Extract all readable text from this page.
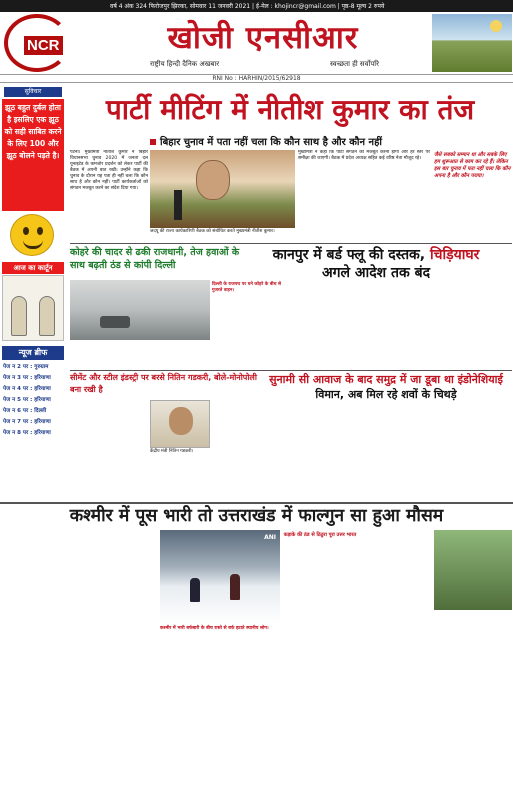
वर्ष 4 अंक 324 फिरोजपुर झिरका, सोमवार 11 जनवरी 2021 | ई-मेल : khojincr@gmail.com | पृष्ठ-8 मूल्य 2 रुपये
NCR	खोजी एनसीआर
राष्ट्रीय हिन्दी दैनिक अखबार	स्वच्छता ही सर्वोपरि
RNI No : HARHIN/2015/62918
सुविचार
झूठ बहुत दुर्बल होता है इसलिए एक झूठ को सही साबित करने के लिए 100 और झूठ बोलने पड़ते है।
आज का कार्टून
न्यूज ब्रीफ
पेज न 2 पर : गुरुग्राम
पेज न 3 पर : हरियाणा
पेज न 4 पर : हरियाणा
पेज न 5 पर : हरियाणा
पेज न 6 पर : दिल्ली
पेज न 7 पर : हरियाणा
पेज न 8 पर : हरियाणा
पार्टी मीटिंग में नीतीश कुमार का तंज
बिहार चुनाव में पता नहीं चला कि कौन साथ है और कौन नहीं

पटना। मुख्यमंत्री नीतीश कुमार ने बिहार विधानसभा चुनाव 2020 में जनता दल यूनाइटेड के कमजोर प्रदर्शन को लेकर पार्टी की बैठक में अपनी बात रखी। उन्होंने कहा कि चुनाव के दौरान यह पता ही नहीं चला कि कौन साथ है और कौन नहीं। पार्टी कार्यकर्ताओं को संगठन मजबूत करने का संदेश दिया गया।

जदयू की राज्य कार्यकारिणी बैठक को संबोधित करते मुख्यमंत्री नीतीश कुमार।

मुख्यमंत्री ने कहा कि पार्टी संगठन को मजबूत करना होगा और हर स्तर पर समीक्षा की जाएगी। बैठक में प्रदेश अध्यक्ष सहित कई वरिष्ठ नेता मौजूद रहे।

जैसे सबको सम्मान था और सबके लिए हम शुरूआत से काम कर रहे हैं। लेकिन इस बार चुनाव में पता नहीं चला कि कौन अपना है और कौन पराया।
कोहरे की चादर से ढकी राजधानी, तेज हवाओं के साथ बढ़ती ठंड से कांपी दिल्ली
दिल्ली के राजपथ पर घने कोहरे के बीच से गुजरते वाहन।
कानपुर में बर्ड फ्लू की दस्तक, चिड़ियाघर
अगले आदेश तक बंद
सीमेंट और स्टील इंडस्ट्री पर बरसे नितिन गडकरी, बोले-मोनोपोली बना रखी है
केंद्रीय मंत्री नितिन गडकरी।
सुनामी सी आवाज के बाद समुद्र में जा डूबा था इंडोनेशियाई
विमान, अब मिल रहे शवों के चिथड़े
कश्मीर में पूस भारी तो उत्तराखंड में फाल्गुन सा हुआ मौसम
ANI
कश्मीर में भारी बर्फबारी के बीच रास्ते से बर्फ हटाते स्थानीय लोग।
कड़ाके की ठंड से ठिठुरा पूरा उत्तर भारत
